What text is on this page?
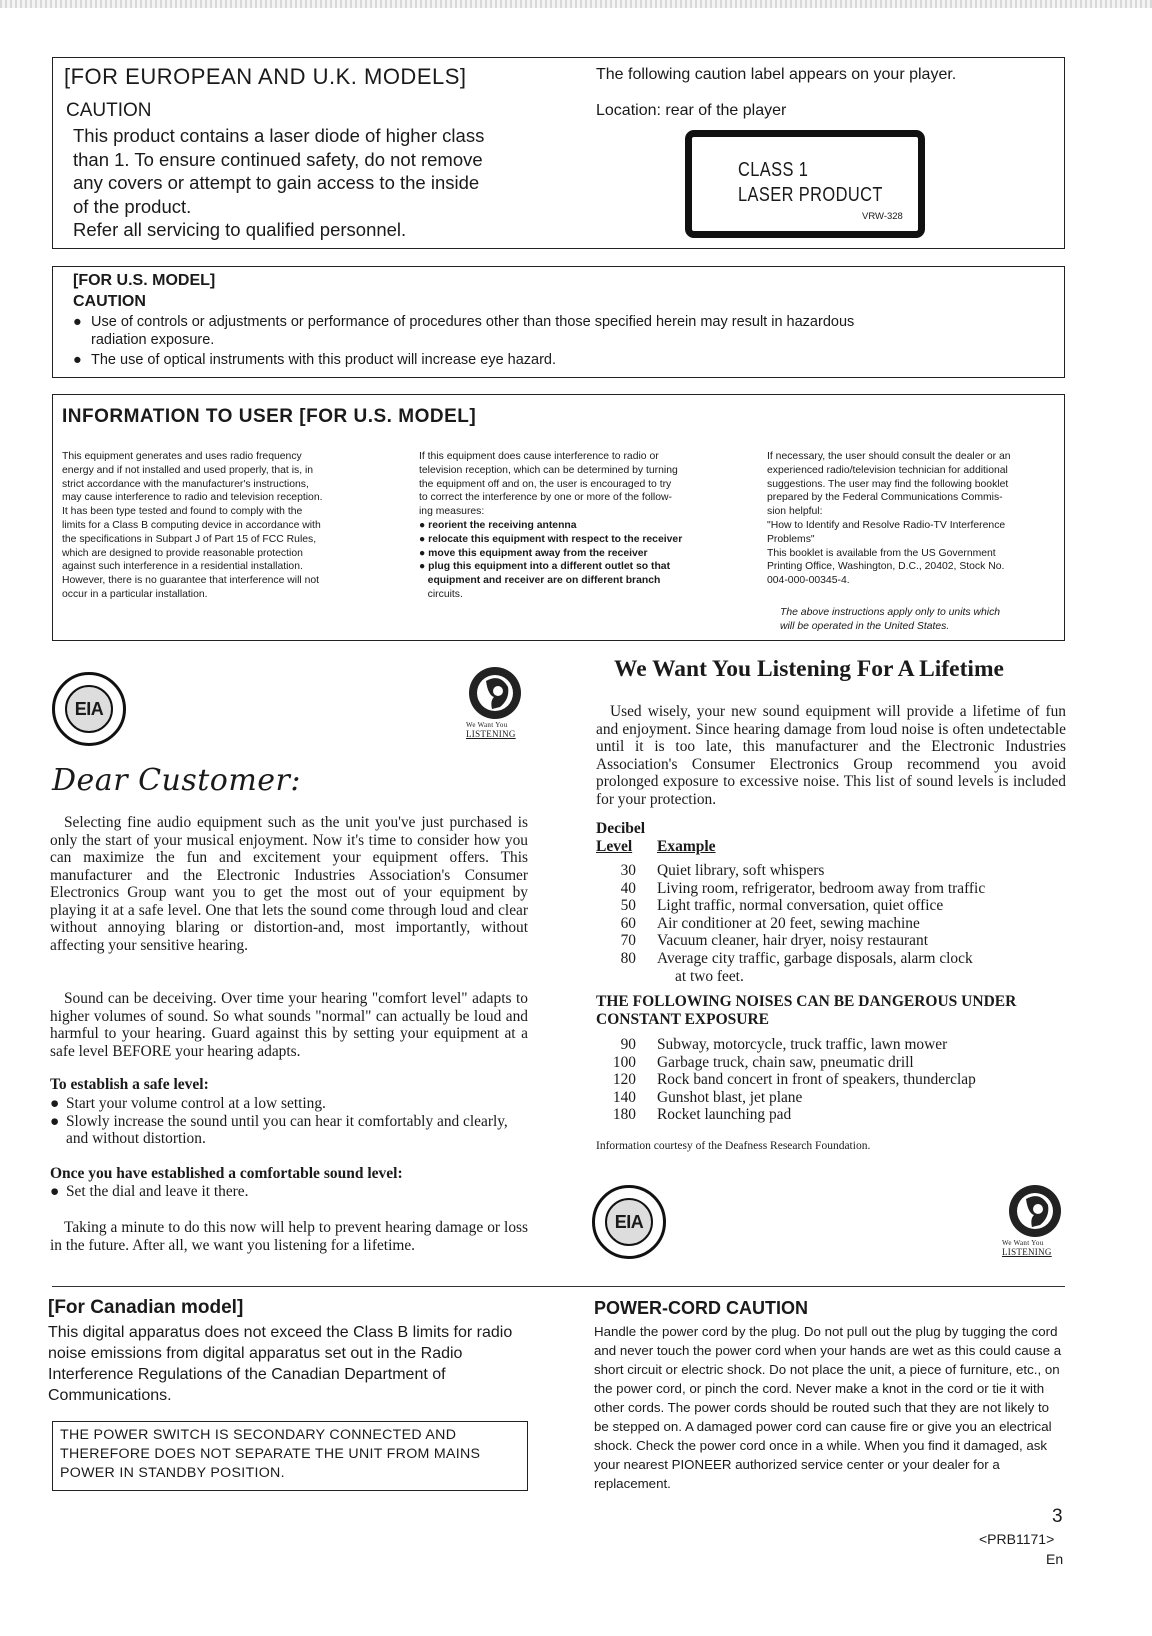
[FOR EUROPEAN AND U.K. MODELS]
CAUTION

This product contains a laser diode of higher class

than 1. To ensure continued safety, do not remove

any covers or attempt to gain access to the inside

of the product.

Refer all servicing to qualified personnel.

The following caution label appears on your player.
Location: rear of the player
CLASS 1
LASER PRODUCT
VRW-328
[FOR U.S. MODEL]
CAUTION
● Use of controls or adjustments or performance of procedures other than those specified herein may result in hazardous
radiation exposure.
● The use of optical instruments with this product will increase eye hazard.
INFORMATION TO USER [FOR U.S. MODEL]

This equipment generates and uses radio frequency

energy and if not installed and used properly, that is, in

strict accordance with the manufacturer's instructions,

may cause interference to radio and television reception.

It has been type tested and found to comply with the

limits for a Class B computing device in accordance with

the specifications in Subpart J of Part 15 of FCC Rules,

which are designed to provide reasonable protection

against such interference in a residential installation.

However, there is no guarantee that interference will not

occur in a particular installation.

If this equipment does cause interference to radio or

television reception, which can be determined by turning

the equipment off and on, the user is encouraged to try

to correct the interference by one or more of the follow-

ing measures:

● reorient the receiving antenna

● relocate this equipment with respect to the receiver

● move this equipment away from the receiver

● plug this equipment into a different outlet so that

equipment and receiver are on different branch

circuits.

If necessary, the user should consult the dealer or an

experienced radio/television technician for additional

suggestions. The user may find the following booklet

prepared by the Federal Communications Commis-

sion helpful:

"How to Identify and Resolve Radio-TV Interference

Problems"

This booklet is available from the US Government

Printing Office, Washington, D.C., 20402, Stock No.

004-000-00345-4.

The above instructions apply only to units which
will be operated in the United States.
EIA
We Want You
LISTENING
Dear Customer:

Selecting fine audio equipment such as the unit you've just purchased is only the start of your musical enjoyment. Now it's time to consider how you can maximize the fun and excitement your equipment offers. This manufacturer and the Electronic Industries Association's Consumer Electronics Group want you to get the most out of your equipment by playing it at a safe level. One that lets the sound come through loud and clear without annoying blaring or distortion-and, most importantly, without affecting your sensitive hearing.

Sound can be deceiving. Over time your hearing "comfort level" adapts to higher volumes of sound. So what sounds "normal" can actually be loud and harmful to your hearing. Guard against this by setting your equipment at a safe level BEFORE your hearing adapts.

To establish a safe level:
● Start your volume control at a low setting.
● Slowly increase the sound until you can hear it comfortably and clearly, and without distortion.
Once you have established a comfortable sound level:
● Set the dial and leave it there.

Taking a minute to do this now will help to prevent hearing damage or loss in the future. After all, we want you listening for a lifetime.

We Want You Listening For A Lifetime

Used wisely, your new sound equipment will provide a lifetime of fun and enjoyment. Since hearing damage from loud noise is often undetectable until it is too late, this manufacturer and the Electronic Industries Association's Consumer Electronics Group recommend you avoid prolonged exposure to excessive noise. This list of sound levels is included for your protection.

Decibel
Level Example
30	Quiet library, soft whispers
40	Living room, refrigerator, bedroom away from traffic
50	Light traffic, normal conversation, quiet office
60	Air conditioner at 20 feet, sewing machine
70	Vacuum cleaner, hair dryer, noisy restaurant
80	Average city traffic, garbage disposals, alarm clock
at two feet.
THE FOLLOWING NOISES CAN BE DANGEROUS UNDER CONSTANT EXPOSURE
90	Subway, motorcycle, truck traffic, lawn mower
100	Garbage truck, chain saw, pneumatic drill
120	Rock band concert in front of speakers, thunderclap
140	Gunshot blast, jet plane
180	Rocket launching pad
Information courtesy of the Deafness Research Foundation.
EIA
We Want You
LISTENING
[For Canadian model]
This digital apparatus does not exceed the Class B limits for radio noise emissions from digital apparatus set out in the Radio Interference Regulations of the Canadian Department of Communications.
THE POWER SWITCH IS SECONDARY CONNECTED AND THEREFORE DOES NOT SEPARATE THE UNIT FROM MAINS POWER IN STANDBY POSITION.
POWER-CORD CAUTION
Handle the power cord by the plug. Do not pull out the plug by tugging the cord and never touch the power cord when your hands are wet as this could cause a short circuit or electric shock. Do not place the unit, a piece of furniture, etc., on the power cord, or pinch the cord. Never make a knot in the cord or tie it with other cords. The power cords should be routed such that they are not likely to be stepped on. A damaged power cord can cause fire or give you an electrical shock. Check the power cord once in a while. When you find it damaged, ask your nearest PIONEER authorized service center or your dealer for a replacement.
3
<PRB1171>
En
